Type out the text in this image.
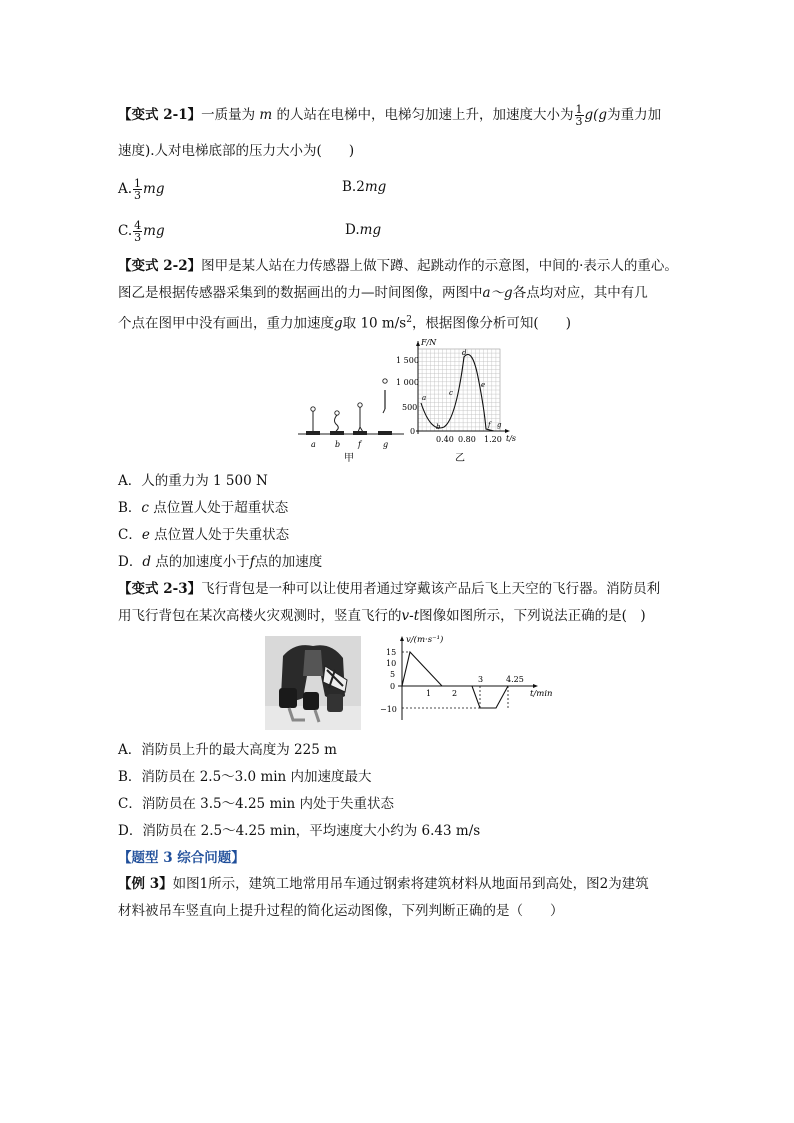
【变式 2-1】一质量为 m 的人站在电梯中，电梯匀加速上升，加速度大小为 $\frac{1}{3} g(g$为重力加
速度).人对电梯底部的压力大小为(　　)
A. $\frac{1}{3}$ mg	B.2mg
C. $\frac{4}{3}$ mg	D.mg
【变式 2-2】图甲是某人站在力传感器上做下蹲、起跳动作的示意图，中间的·表示人的重心。
图乙是根据传感器采集到的数据画出的力—时间图像，两图中a～g各点均对应，其中有几
个点在图甲中没有画出，重力加速度g取 10 $m/s^2$，根据图像分析可知(　　)
a b f	g
甲
F/N
t/s
1 500
1 000
500
0
0.40 0.80 1.20
a
b
c
d
e
f g
乙
A．人的重力为 1 500 N
B．c 点位置人处于超重状态
C．e 点位置人处于失重状态
D．d 点的加速度小于f点的加速度
【变式 2-3】飞行背包是一种可以让使用者通过穿戴该产品后飞上天空的飞行器。消防员利
用飞行背包在某次高楼火灾观测时，竖直飞行的v-t图像如图所示，下列说法正确的是(　)
v/(m·s⁻¹)
t/min
15
10
5
0
−10
1	2
3	4.25
A．消防员上升的最大高度为 225 m
B．消防员在 2.5～3.0 min 内加速度最大
C．消防员在 3.5～4.25 min 内处于失重状态
D．消防员在 2.5～4.25 min，平均速度大小约为 6.43 m/s
【题型 3 综合问题】
【例 3】如图1所示，建筑工地常用吊车通过钢索将建筑材料从地面吊到高处，图2为建筑
材料被吊车竖直向上提升过程的简化运动图像，下列判断正确的是（　　）
